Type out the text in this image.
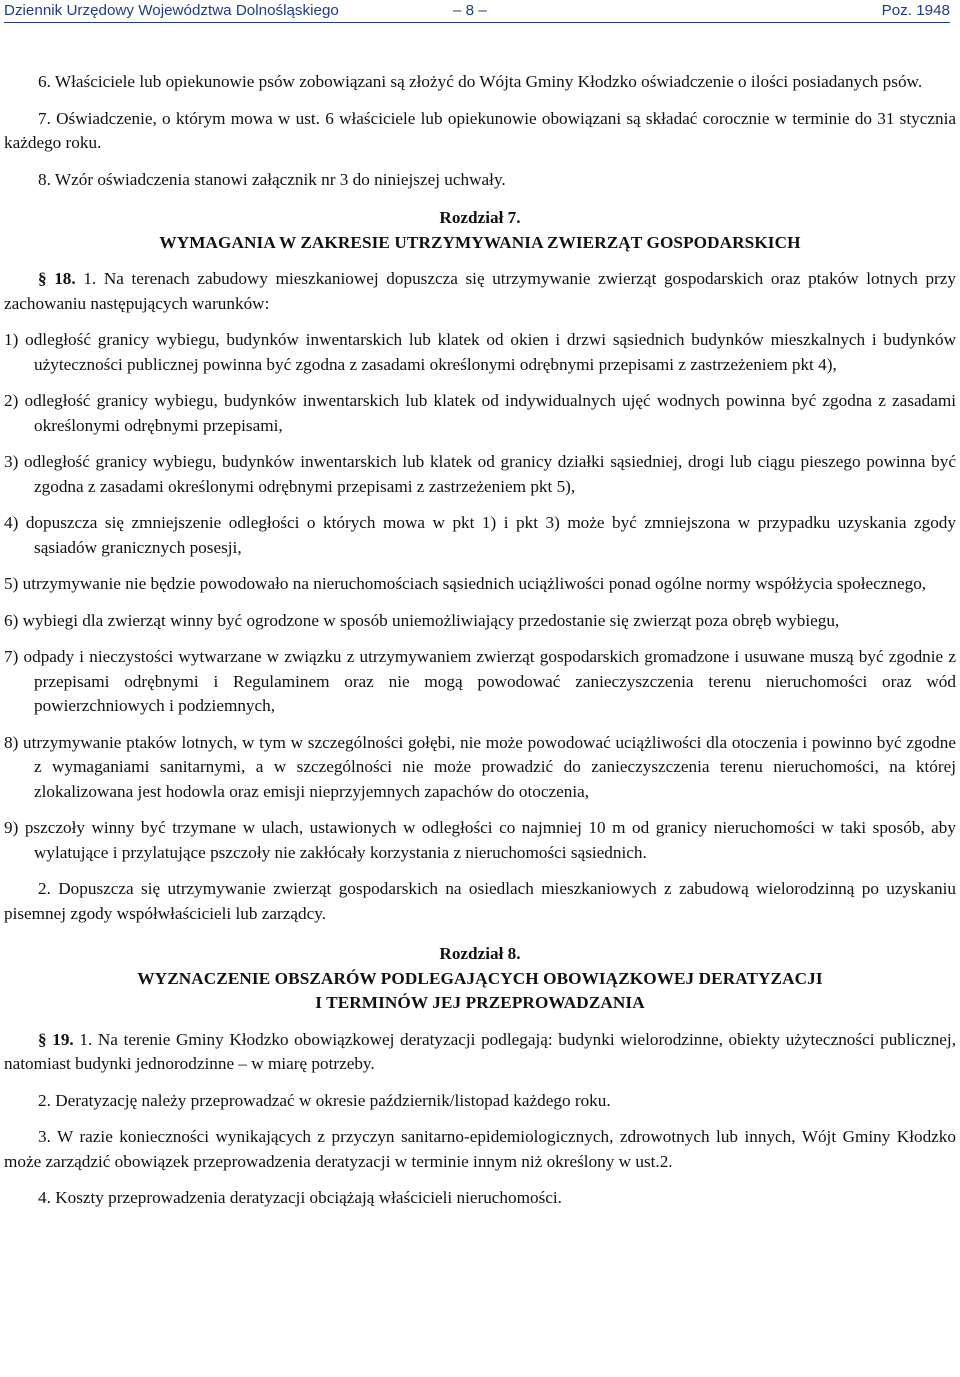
Dziennik Urzędowy Województwa Dolnośląskiego	– 8 –	Poz. 1948

6. Właściciele lub opiekunowie psów zobowiązani są złożyć do Wójta Gminy Kłodzko oświadczenie o ilości posiadanych psów.

7. Oświadczenie, o którym mowa w ust. 6 właściciele lub opiekunowie obowiązani są składać corocznie w terminie do 31 stycznia każdego roku.

8. Wzór oświadczenia stanowi załącznik nr 3 do niniejszej uchwały.

Rozdział 7.

WYMAGANIA W ZAKRESIE UTRZYMYWANIA ZWIERZĄT GOSPODARSKICH

§ 18. 1. Na terenach zabudowy mieszkaniowej dopuszcza się utrzymywanie zwierząt gospodarskich oraz ptaków lotnych przy zachowaniu następujących warunków:

1) odległość granicy wybiegu, budynków inwentarskich lub klatek od okien i drzwi sąsiednich budynków mieszkalnych i budynków użyteczności publicznej powinna być zgodna z zasadami określonymi odrębnymi przepisami z zastrzeżeniem pkt 4),

2) odległość granicy wybiegu, budynków inwentarskich lub klatek od indywidualnych ujęć wodnych powinna być zgodna z zasadami określonymi odrębnymi przepisami,

3) odległość granicy wybiegu, budynków inwentarskich lub klatek od granicy działki sąsiedniej, drogi lub ciągu pieszego powinna być zgodna z zasadami określonymi odrębnymi przepisami z zastrzeżeniem pkt 5),

4) dopuszcza się zmniejszenie odległości o których mowa w pkt 1) i pkt 3) może być zmniejszona w przypadku uzyskania zgody sąsiadów granicznych posesji,

5) utrzymywanie nie będzie powodowało na nieruchomościach sąsiednich uciążliwości ponad ogólne normy współżycia społecznego,

6) wybiegi dla zwierząt winny być ogrodzone w sposób uniemożliwiający przedostanie się zwierząt poza obręb wybiegu,

7) odpady i nieczystości wytwarzane w związku z utrzymywaniem zwierząt gospodarskich gromadzone i usuwane muszą być zgodnie z przepisami odrębnymi i Regulaminem oraz nie mogą powodować zanieczyszczenia terenu nieruchomości oraz wód powierzchniowych i podziemnych,

8) utrzymywanie ptaków lotnych, w tym w szczególności gołębi, nie może powodować uciążliwości dla otoczenia i powinno być zgodne z wymaganiami sanitarnymi, a w szczególności nie może prowadzić do zanieczyszczenia terenu nieruchomości, na której zlokalizowana jest hodowla oraz emisji nieprzyjemnych zapachów do otoczenia,

9) pszczoły winny być trzymane w ulach, ustawionych w odległości co najmniej 10 m od granicy nieruchomości w taki sposób, aby wylatujące i przylatujące pszczoły nie zakłócały korzystania z nieruchomości sąsiednich.

2. Dopuszcza się utrzymywanie zwierząt gospodarskich na osiedlach mieszkaniowych z zabudową wielorodzinną po uzyskaniu pisemnej zgody współwłaścicieli lub zarządcy.

Rozdział 8.

WYZNACZENIE OBSZARÓW PODLEGAJĄCYCH OBOWIĄZKOWEJ DERATYZACJI

I TERMINÓW JEJ PRZEPROWADZANIA

§ 19. 1. Na terenie Gminy Kłodzko obowiązkowej deratyzacji podlegają: budynki wielorodzinne, obiekty użyteczności publicznej, natomiast budynki jednorodzinne – w miarę potrzeby.

2. Deratyzację należy przeprowadzać w okresie październik/listopad każdego roku.

3. W razie konieczności wynikających z przyczyn sanitarno-epidemiologicznych, zdrowotnych lub innych, Wójt Gminy Kłodzko może zarządzić obowiązek przeprowadzenia deratyzacji w terminie innym niż określony w ust.2.

4. Koszty przeprowadzenia deratyzacji obciążają właścicieli nieruchomości.
